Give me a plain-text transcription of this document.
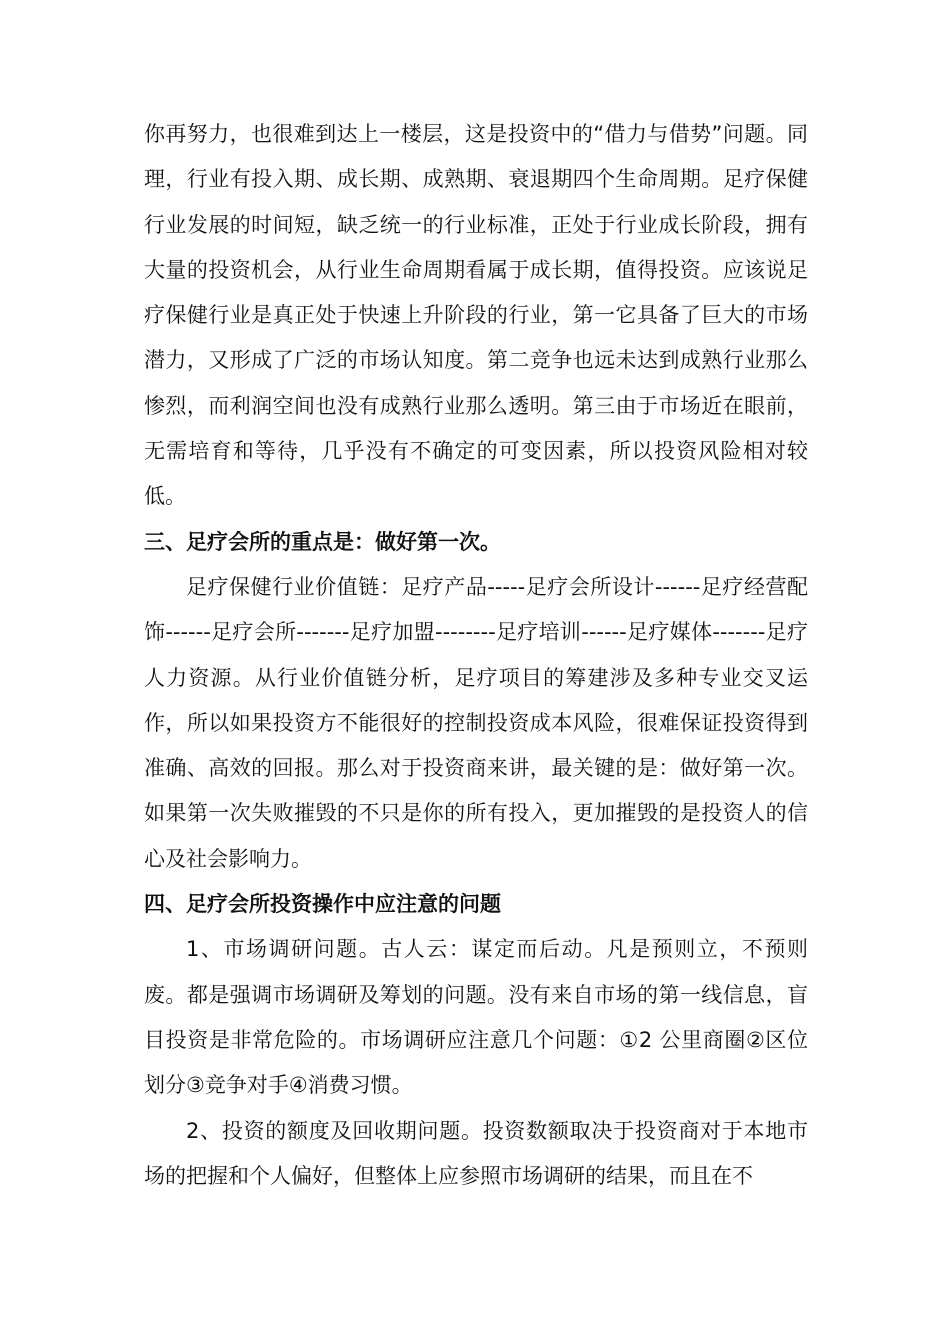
你再努力，也很难到达上一楼层，这是投资中的“借力与借势”问题。同理，行业有投入期、成长期、成熟期、衰退期四个生命周期。足疗保健行业发展的时间短，缺乏统一的行业标准，正处于行业成长阶段，拥有大量的投资机会，从行业生命周期看属于成长期，值得投资。应该说足疗保健行业是真正处于快速上升阶段的行业，第一它具备了巨大的市场潜力，又形成了广泛的市场认知度。第二竞争也远未达到成熟行业那么惨烈，而利润空间也没有成熟行业那么透明。第三由于市场近在眼前，无需培育和等待，几乎没有不确定的可变因素，所以投资风险相对较低。

三、足疗会所的重点是：做好第一次。

足疗保健行业价值链：足疗产品-----足疗会所设计------足疗经营配饰------足疗会所-------足疗加盟--------足疗培训------足疗媒体-------足疗人力资源。从行业价值链分析，足疗项目的筹建涉及多种专业交叉运作，所以如果投资方不能很好的控制投资成本风险，很难保证投资得到准确、高效的回报。那么对于投资商来讲，最关键的是：做好第一次。如果第一次失败摧毁的不只是你的所有投入，更加摧毁的是投资人的信心及社会影响力。

四、足疗会所投资操作中应注意的问题

1、市场调研问题。古人云：谋定而后动。凡是预则立，不预则废。都是强调市场调研及筹划的问题。没有来自市场的第一线信息，盲目投资是非常危险的。市场调研应注意几个问题：①2 公里商圈②区位划分③竞争对手④消费习惯。

2、投资的额度及回收期问题。投资数额取决于投资商对于本地市场的把握和个人偏好，但整体上应参照市场调研的结果，而且在不
